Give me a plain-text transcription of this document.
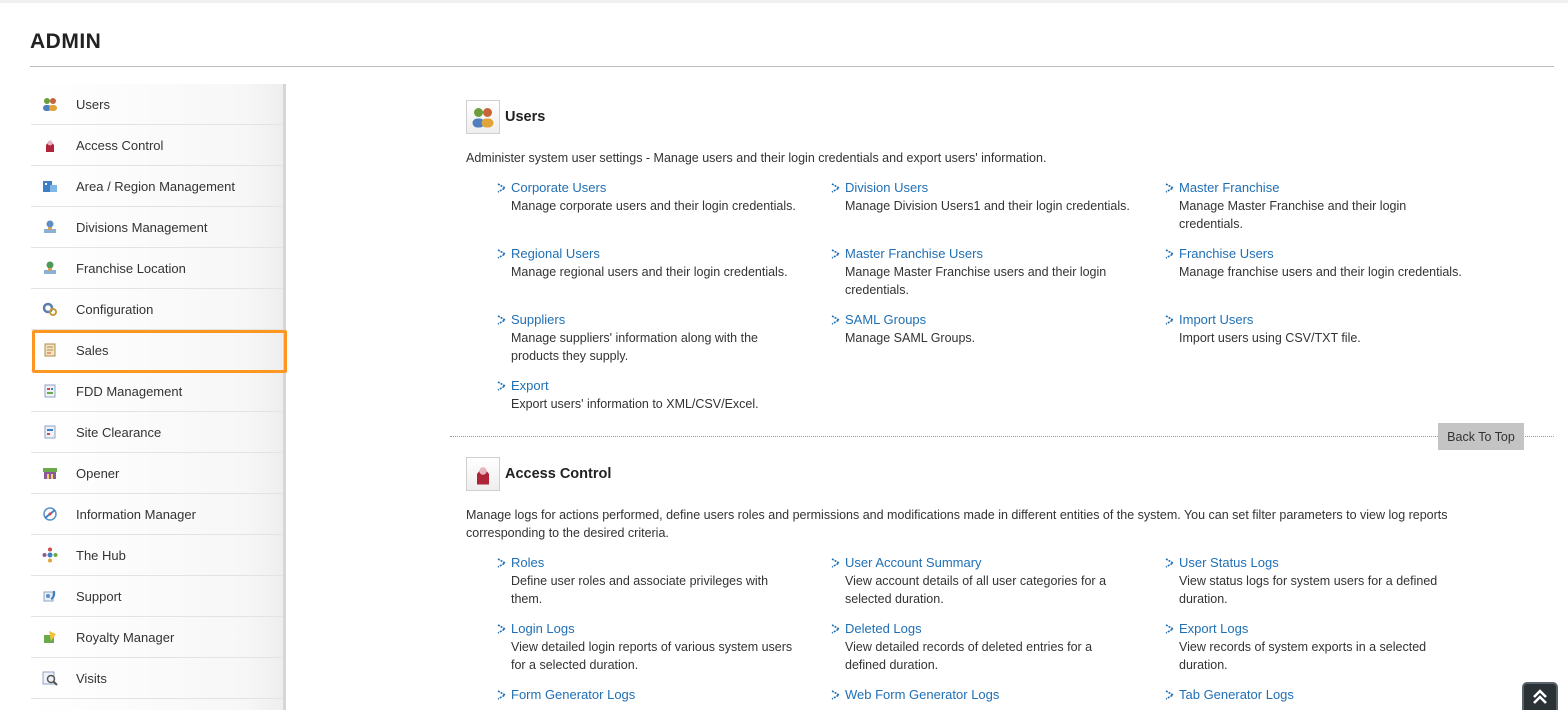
ADMIN
Users
Access Control
Area / Region Management
Divisions Management
Franchise Location
Configuration
Sales
FDD Management
Site Clearance
Opener
Information Manager
The Hub
Support
Royalty Manager
Visits
Users
Administer system user settings - Manage users and their login credentials and export users' information.
Corporate Users
Manage corporate users and their login credentials.
Division Users
Manage Division Users1 and their login credentials.
Master Franchise
Manage Master Franchise and their login credentials.
Regional Users
Manage regional users and their login credentials.
Master Franchise Users
Manage Master Franchise users and their login credentials.
Franchise Users
Manage franchise users and their login credentials.
Suppliers
Manage suppliers' information along with the products they supply.
SAML Groups
Manage SAML Groups.
Import Users
Import users using CSV/TXT file.
Export
Export users' information to XML/CSV/Excel.
Back To Top
Access Control
Manage logs for actions performed, define users roles and permissions and modifications made in different entities of the system. You can set filter parameters to view log reports corresponding to the desired criteria.
Roles
Define user roles and associate privileges with them.
User Account Summary
View account details of all user categories for a selected duration.
User Status Logs
View status logs for system users for a defined duration.
Login Logs
View detailed login reports of various system users for a selected duration.
Deleted Logs
View detailed records of deleted entries for a defined duration.
Export Logs
View records of system exports in a selected duration.
Form Generator Logs	Web Form Generator Logs	Tab Generator Logs
